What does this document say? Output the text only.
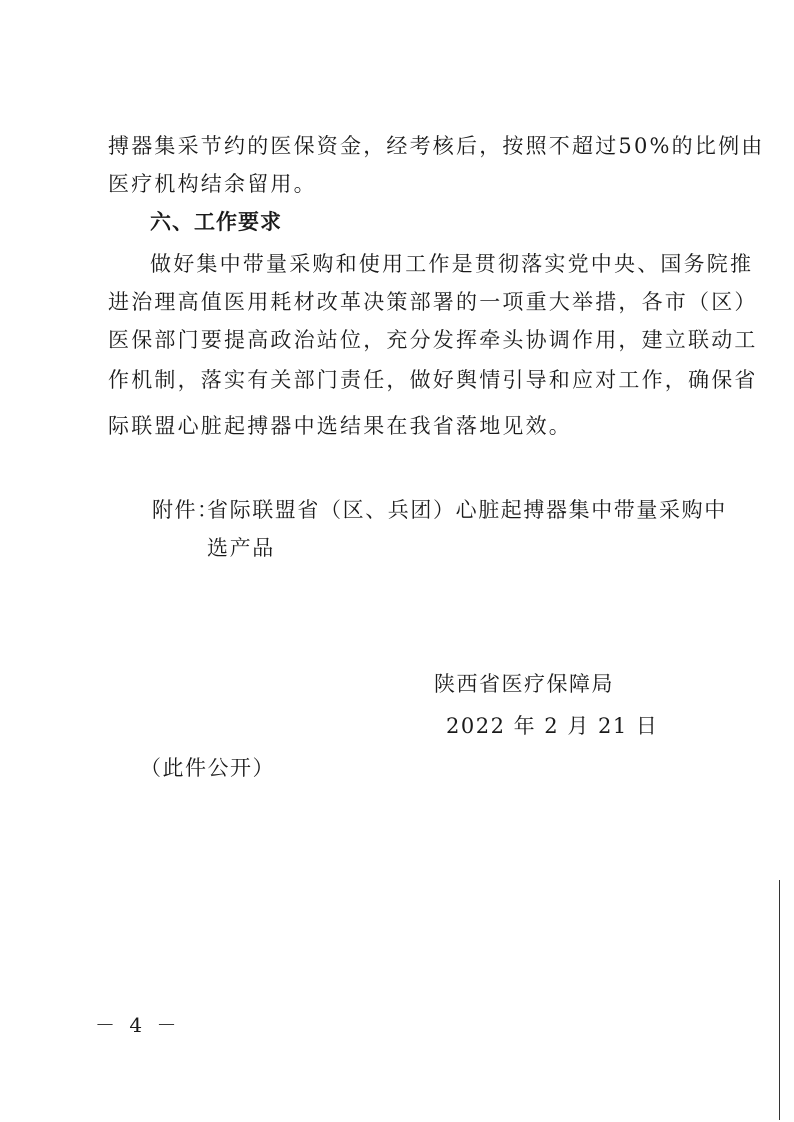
搏器集采节约的医保资金，经考核后，按照不超过50%的比例由
医疗机构结余留用。
六、工作要求
做好集中带量采购和使用工作是贯彻落实党中央、国务院推
进治理高值医用耗材改革决策部署的一项重大举措，各市（区）
医保部门要提高政治站位，充分发挥牵头协调作用，建立联动工
作机制，落实有关部门责任，做好舆情引导和应对工作，确保省
际联盟心脏起搏器中选结果在我省落地见效。
附件：
省际联盟省（区、兵团）心脏起搏器集中带量采购中
选产品
陕西省医疗保障局
2022 年 2 月 21 日
（此件公开）
－ 4 －
